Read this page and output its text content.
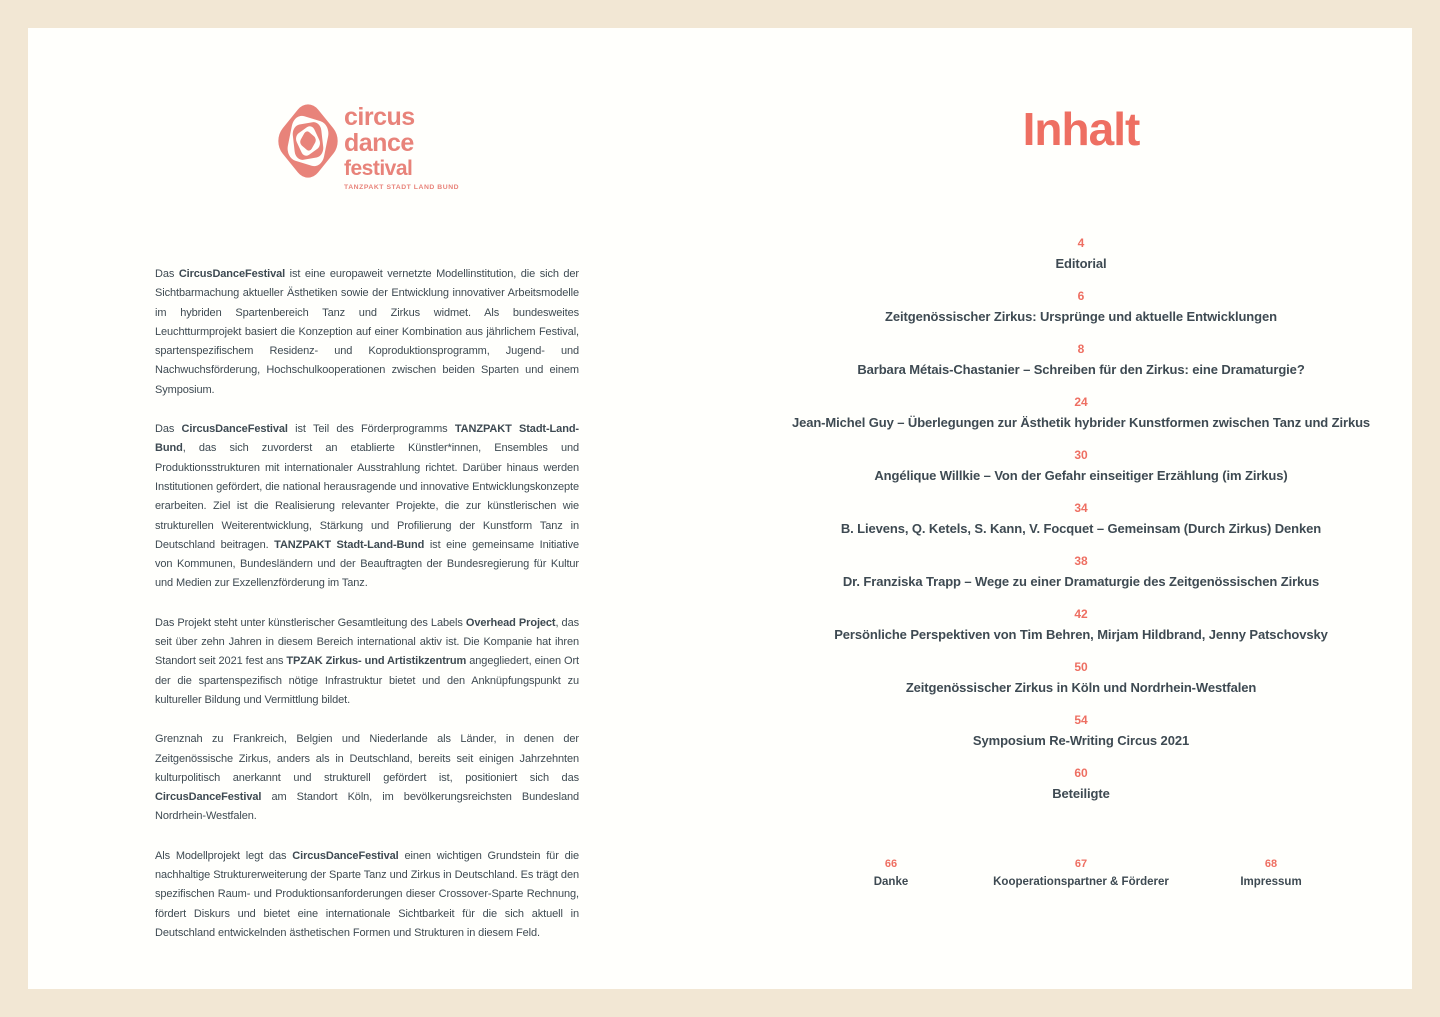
circus
dance
festival
TANZPAKT STADT LAND BUND

Das CircusDanceFestival ist eine europaweit vernetzte Modellinstitution, die sich der Sichtbarmachung aktueller Ästhetiken sowie der Entwicklung innovativer Arbeitsmodelle im hybriden Spartenbereich Tanz und Zirkus widmet. Als bundesweites Leuchtturmprojekt basiert die Konzeption auf einer Kombination aus jährlichem Festival, spartenspezifischem Residenz- und Koproduktionsprogramm, Jugend- und Nachwuchsförderung, Hochschulkooperationen zwischen beiden Sparten und einem Symposium.

Das CircusDanceFestival ist Teil des Förderprogramms TANZPAKT Stadt-Land-Bund, das sich zuvorderst an etablierte Künstler*innen, Ensembles und Produktionsstrukturen mit internationaler Ausstrahlung richtet. Darüber hinaus werden Institutionen gefördert, die national herausragende und innovative Entwicklungskonzepte erarbeiten. Ziel ist die Realisierung relevanter Projekte, die zur künstlerischen wie strukturellen Weiterentwicklung, Stärkung und Profilierung der Kunstform Tanz in Deutschland beitragen. TANZPAKT Stadt-Land-Bund ist eine gemeinsame Initiative von Kommunen, Bundesländern und der Beauftragten der Bundesregierung für Kultur und Medien zur Exzellenzförderung im Tanz.

Das Projekt steht unter künstlerischer Gesamtleitung des Labels Overhead Project, das seit über zehn Jahren in diesem Bereich international aktiv ist. Die Kompanie hat ihren Standort seit 2021 fest ans TPZAK Zirkus- und Artistikzentrum angegliedert, einen Ort der die spartenspezifisch nötige Infrastruktur bietet und den Anknüpfungspunkt zu kultureller Bildung und Vermittlung bildet.

Grenznah zu Frankreich, Belgien und Niederlande als Länder, in denen der Zeitgenössische Zirkus, anders als in Deutschland, bereits seit einigen Jahrzehnten kulturpolitisch anerkannt und strukturell gefördert ist, positioniert sich das CircusDanceFestival am Standort Köln, im bevölkerungsreichsten Bundesland Nordrhein-Westfalen.

Als Modellprojekt legt das CircusDanceFestival einen wichtigen Grundstein für die nachhaltige Strukturerweiterung der Sparte Tanz und Zirkus in Deutschland. Es trägt den spezifischen Raum- und Produktionsanforderungen dieser Crossover-Sparte Rechnung, fördert Diskurs und bietet eine internationale Sichtbarkeit für die sich aktuell in Deutschland entwickelnden ästhetischen Formen und Strukturen in diesem Feld.

Inhalt
4
Editorial
6
Zeitgenössischer Zirkus: Ursprünge und aktuelle Entwicklungen
8
Barbara Métais-Chastanier – Schreiben für den Zirkus: eine Dramaturgie?
24
Jean-Michel Guy – Überlegungen zur Ästhetik hybrider Kunstformen zwischen Tanz und Zirkus
30
Angélique Willkie – Von der Gefahr einseitiger Erzählung (im Zirkus)
34
B. Lievens, Q. Ketels, S. Kann, V. Focquet – Gemeinsam (Durch Zirkus) Denken
38
Dr. Franziska Trapp – Wege zu einer Dramaturgie des Zeitgenössischen Zirkus
42
Persönliche Perspektiven von Tim Behren, Mirjam Hildbrand, Jenny Patschovsky
50
Zeitgenössischer Zirkus in Köln und Nordrhein-Westfalen
54
Symposium Re-Writing Circus 2021
60
Beteiligte
66
Danke
67
Kooperationspartner & Förderer
68
Impressum
